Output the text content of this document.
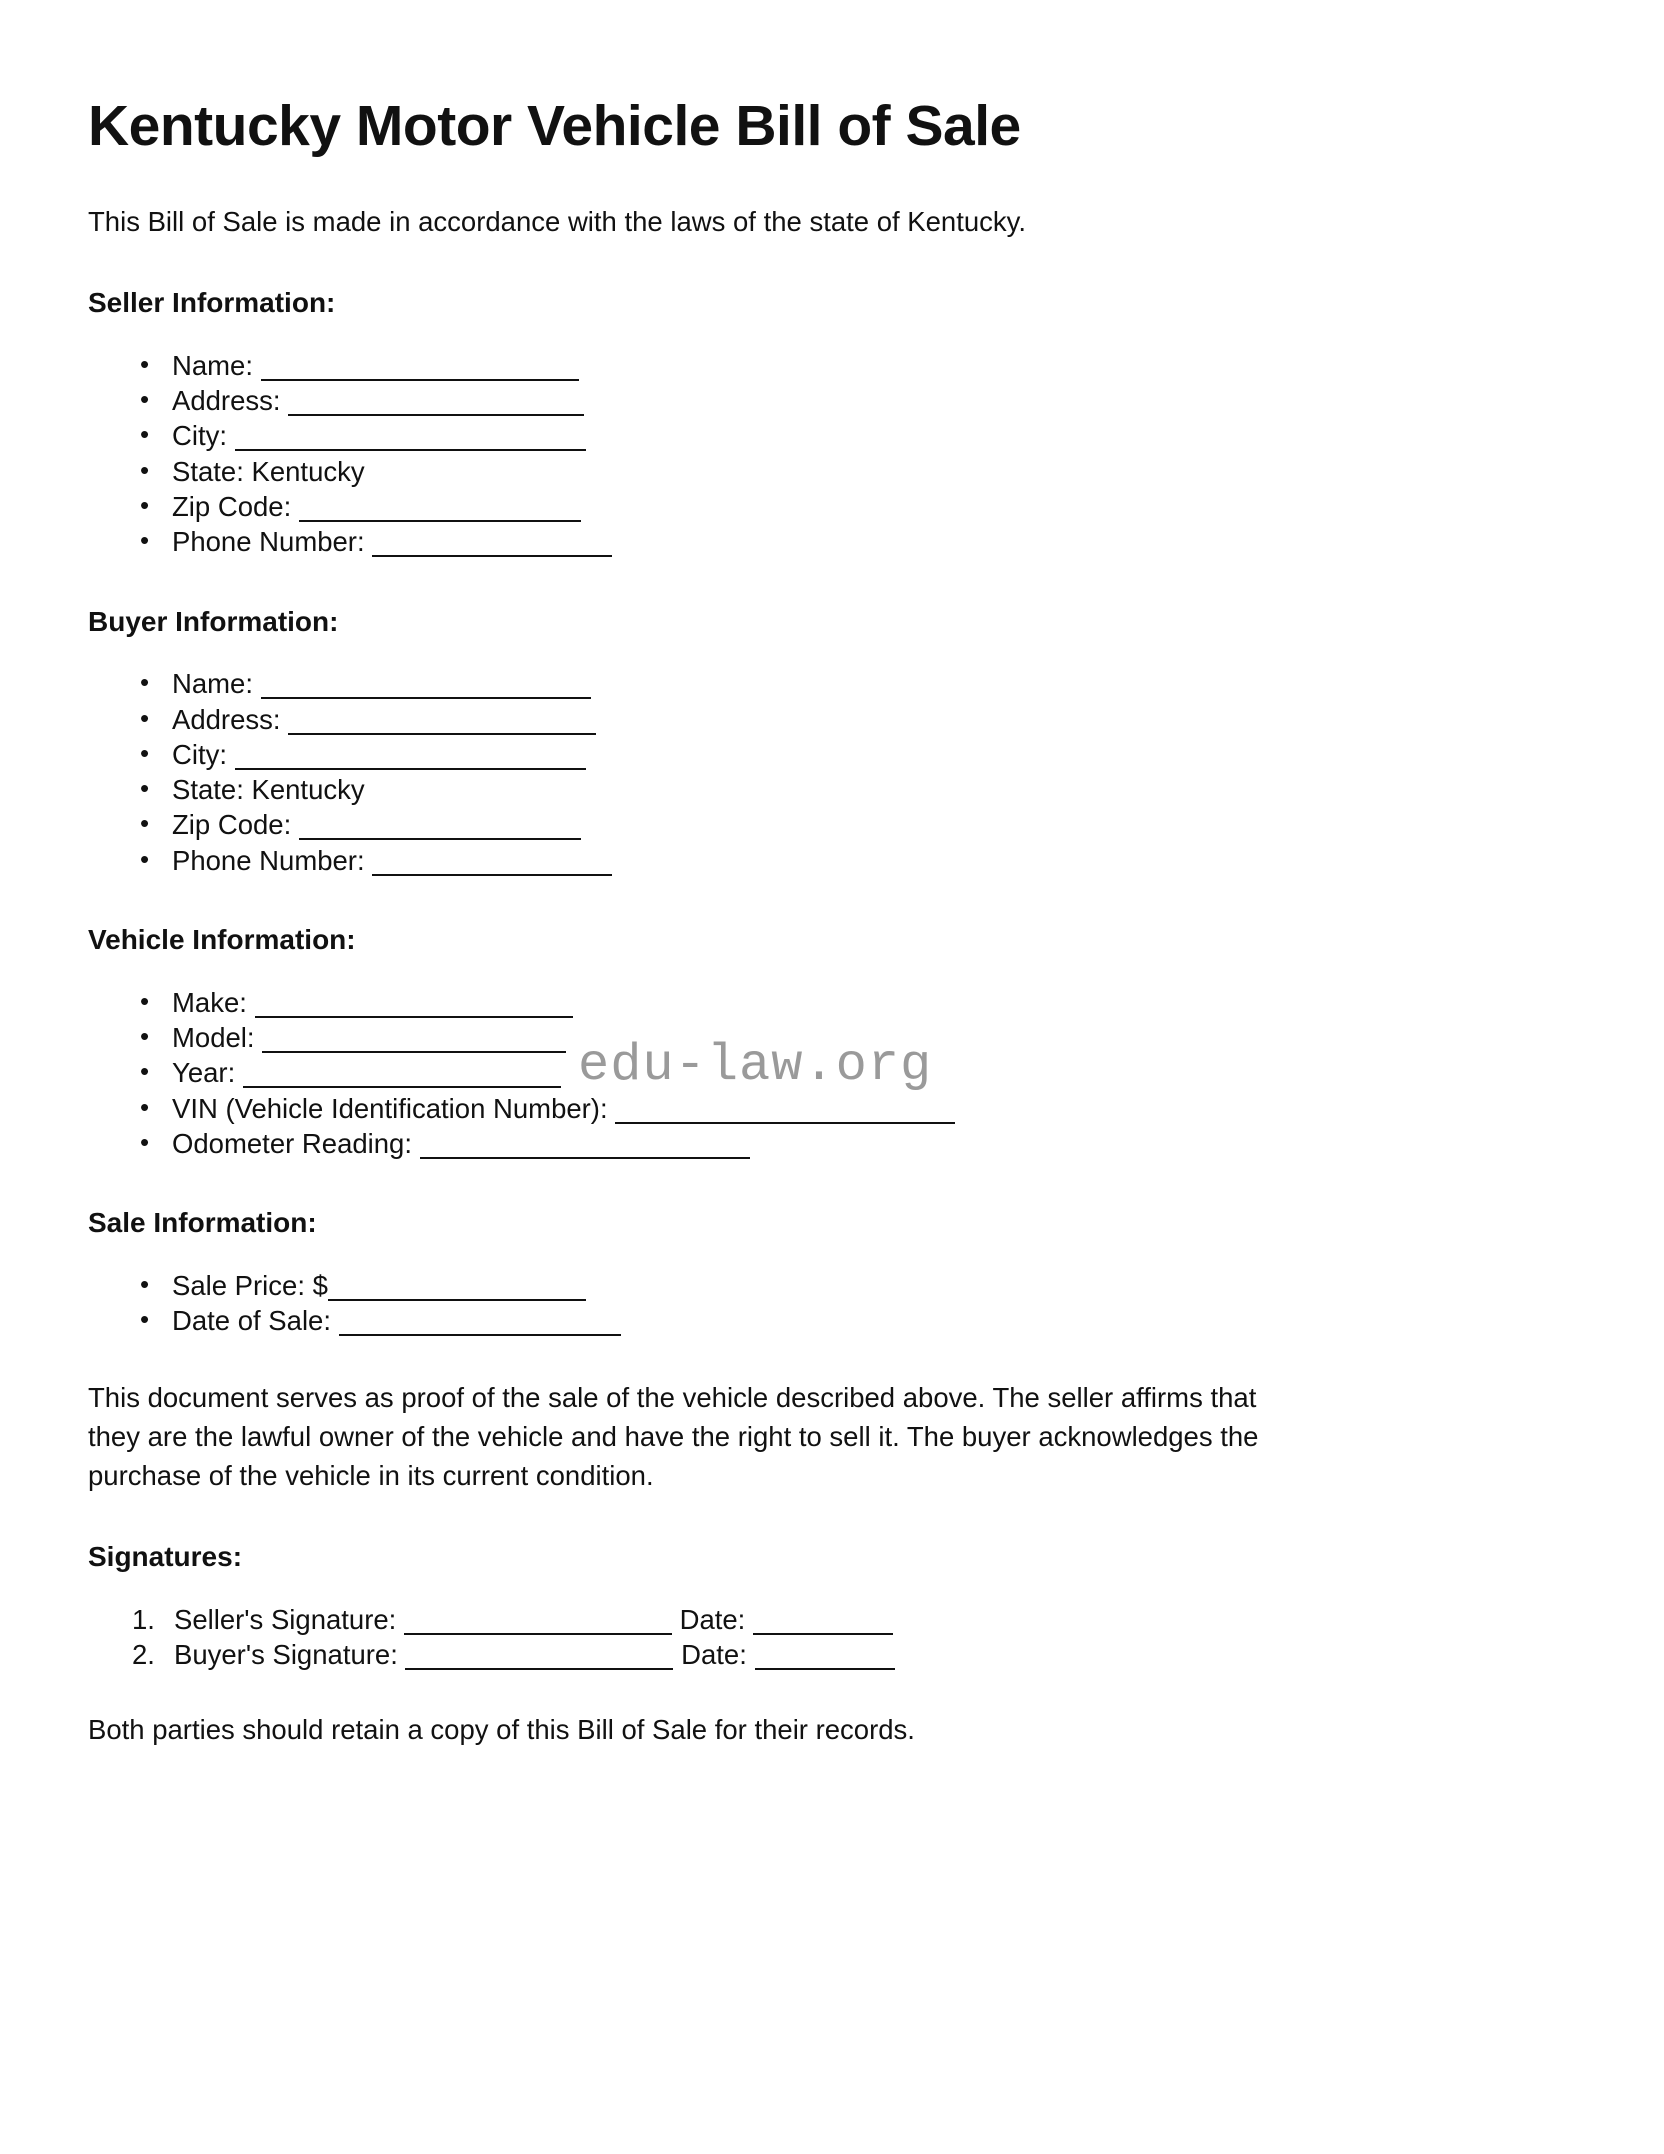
edu-law.org
Kentucky Motor Vehicle Bill of Sale

This Bill of Sale is made in accordance with the laws of the state of Kentucky.

Seller Information:
• Name:
• Address:
• City:
• State: Kentucky
• Zip Code:
• Phone Number:
Buyer Information:
• Name:
• Address:
• City:
• State: Kentucky
• Zip Code:
• Phone Number:
Vehicle Information:
• Make:
• Model:
• Year:
• VIN (Vehicle Identification Number):
• Odometer Reading:
Sale Information:
• Sale Price: $
• Date of Sale:

This document serves as proof of the sale of the vehicle described above. The seller affirms that they are the lawful owner of the vehicle and have the right to sell it. The buyer acknowledges the purchase of the vehicle in its current condition.

Signatures:
Seller's Signature:	Date:
Buyer's Signature:	Date:

Both parties should retain a copy of this Bill of Sale for their records.
